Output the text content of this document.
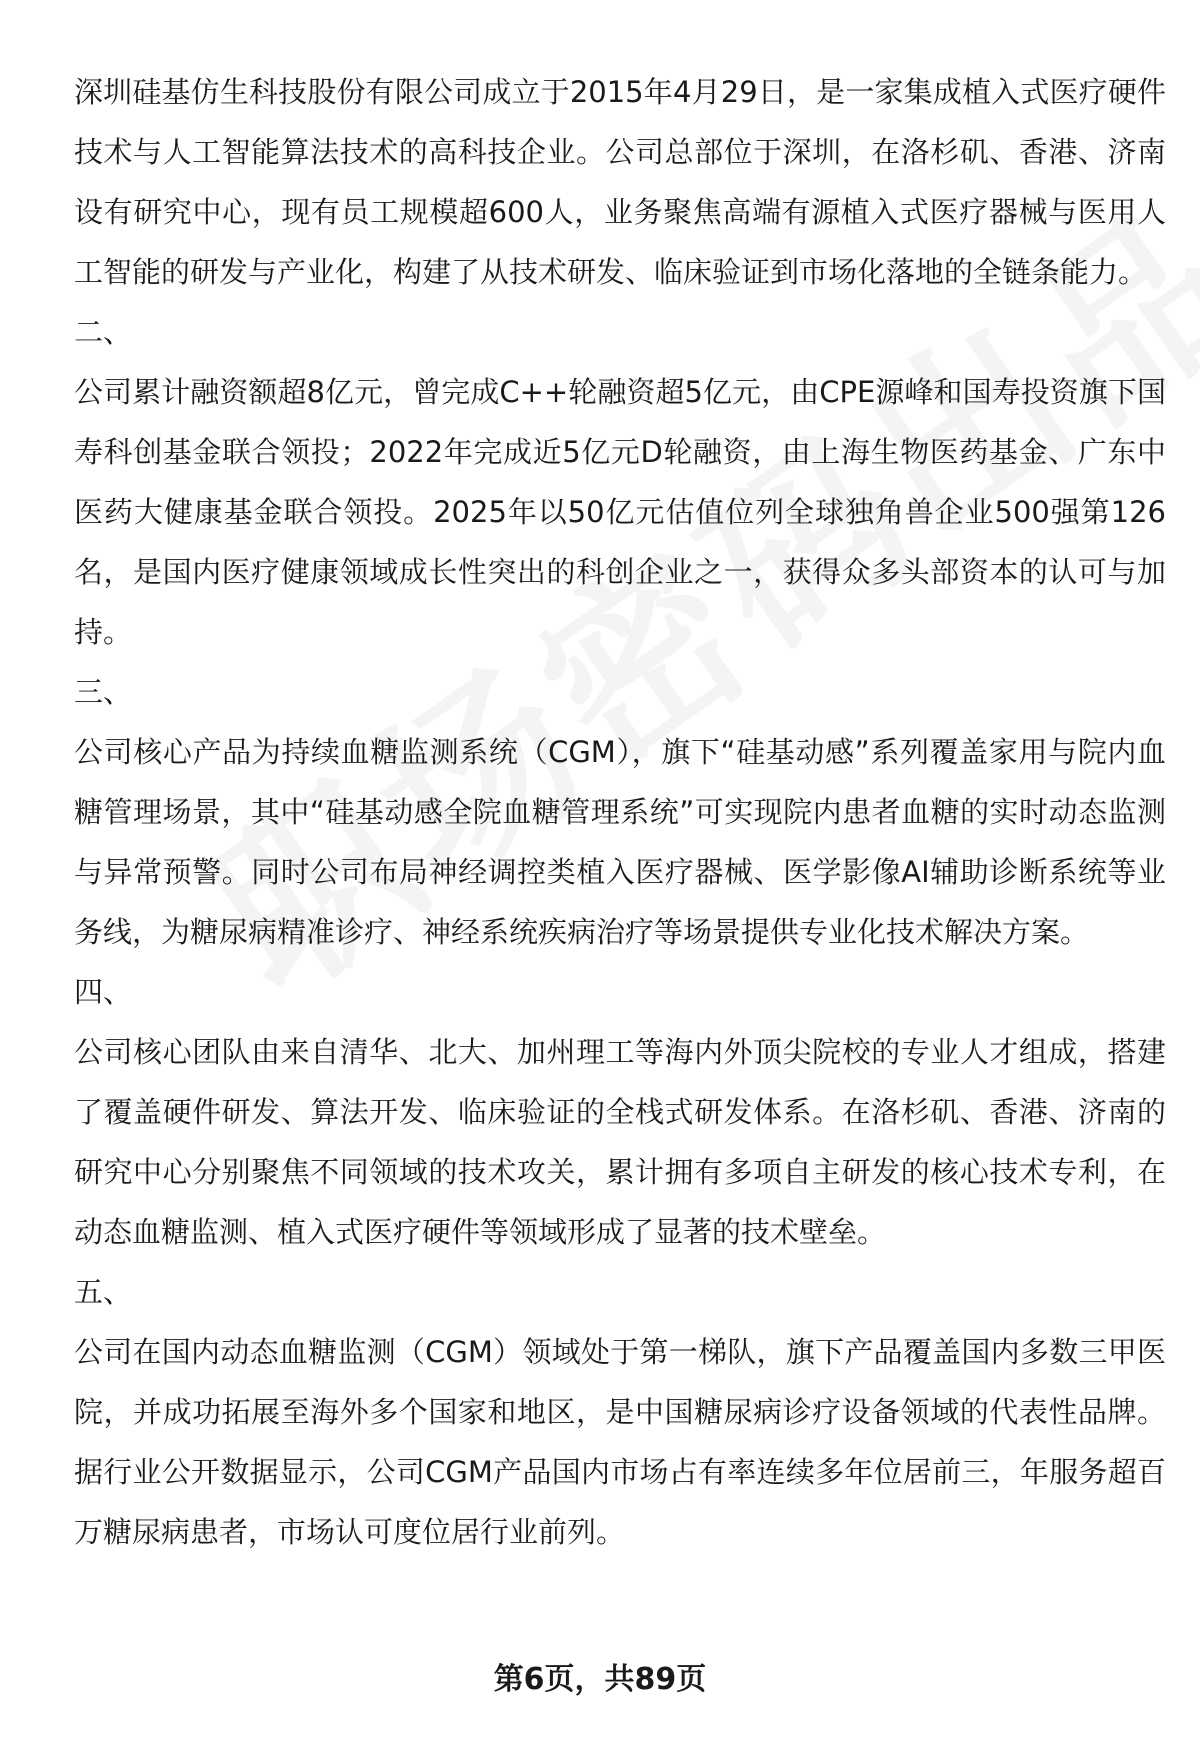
深圳硅基仿生科技股份有限公司成立于2015年4月29日，是一家集成植入式医疗硬件技术与人工智能算法技术的高科技企业。公司总部位于深圳，在洛杉矶、香港、济南设有研究中心，现有员工规模超600人，业务聚焦高端有源植入式医疗器械与医用人工智能的研发与产业化，构建了从技术研发、临床验证到市场化落地的全链条能力。

二、

公司累计融资额超8亿元，曾完成C++轮融资超5亿元，由CPE源峰和国寿投资旗下国寿科创基金联合领投；2022年完成近5亿元D轮融资，由上海生物医药基金、广东中医药大健康基金联合领投。2025年以50亿元估值位列全球独角兽企业500强第126名，是国内医疗健康领域成长性突出的科创企业之一，获得众多头部资本的认可与加持。

三、

公司核心产品为持续血糖监测系统（CGM），旗下“硅基动感”系列覆盖家用与院内血糖管理场景，其中“硅基动感全院血糖管理系统”可实现院内患者血糖的实时动态监测与异常预警。同时公司布局神经调控类植入医疗器械、医学影像AI辅助诊断系统等业务线，为糖尿病精准诊疗、神经系统疾病治疗等场景提供专业化技术解决方案。

四、

公司核心团队由来自清华、北大、加州理工等海内外顶尖院校的专业人才组成，搭建了覆盖硬件研发、算法开发、临床验证的全栈式研发体系。在洛杉矶、香港、济南的研究中心分别聚焦不同领域的技术攻关，累计拥有多项自主研发的核心技术专利，在动态血糖监测、植入式医疗硬件等领域形成了显著的技术壁垒。

五、

公司在国内动态血糖监测（CGM）领域处于第一梯队，旗下产品覆盖国内多数三甲医院，并成功拓展至海外多个国家和地区，是中国糖尿病诊疗设备领域的代表性品牌。据行业公开数据显示，公司CGM产品国内市场占有率连续多年位居前三，年服务超百万糖尿病患者，市场认可度位居行业前列。

第6页，共89页
